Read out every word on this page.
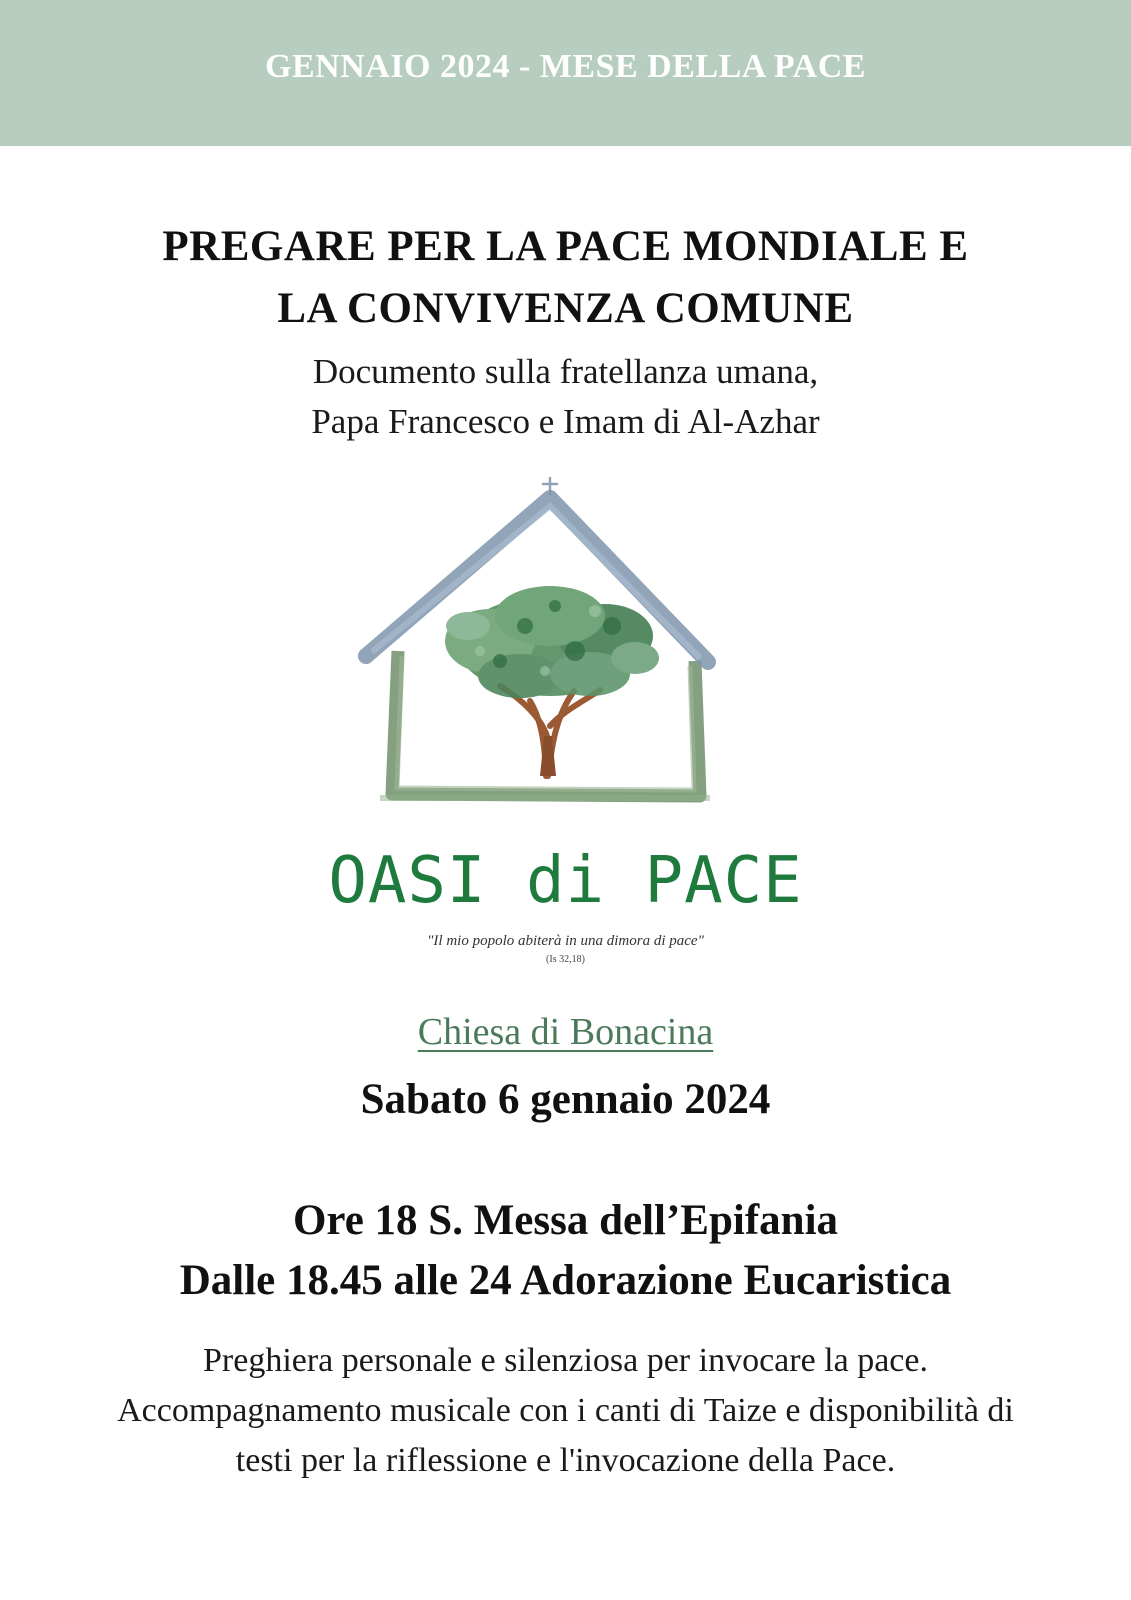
GENNAIO 2024 - MESE DELLA PACE
PREGARE PER LA PACE MONDIALE E
LA CONVIVENZA COMUNE
Documento sulla fratellanza umana,
Papa Francesco e Imam di Al-Azhar
OASI di PACE
"Il mio popolo abiterà in una dimora di pace"
(Is 32,18)
Chiesa di Bonacina
Sabato 6 gennaio 2024
Ore 18 S. Messa dell’Epifania
Dalle 18.45 alle 24 Adorazione Eucaristica
Preghiera personale e silenziosa per invocare la pace.
Accompagnamento musicale con i canti di Taize e disponibilità di
testi per la riflessione e l'invocazione della Pace.
